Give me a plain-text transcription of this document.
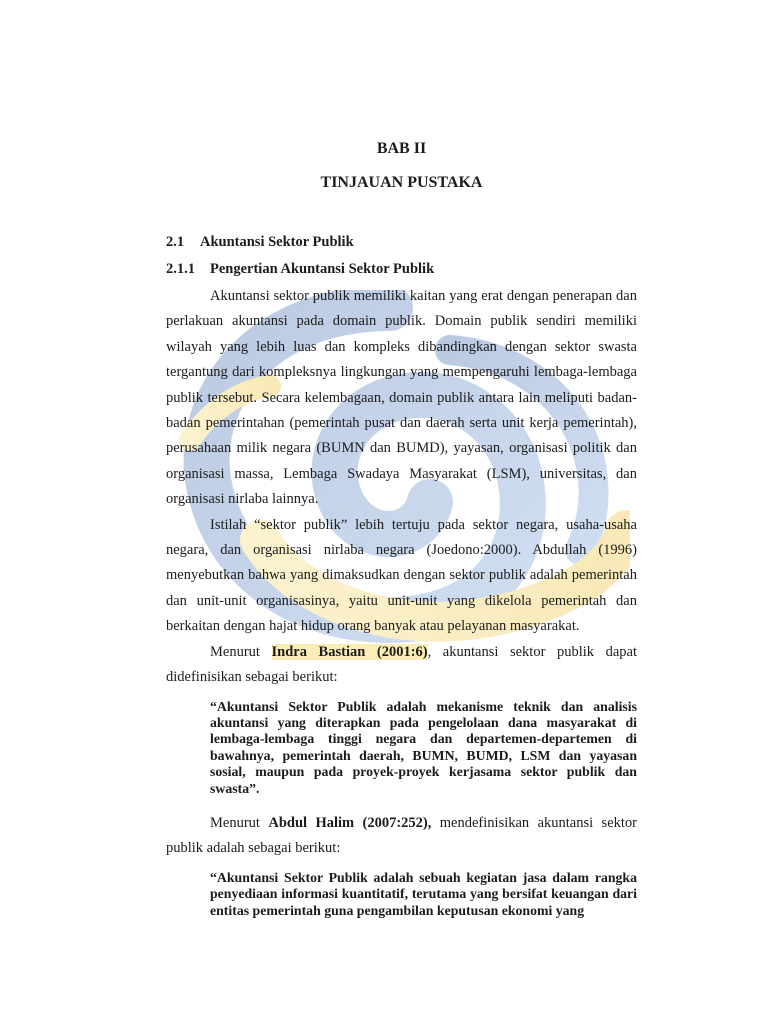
BAB II

TINJAUAN PUSTAKA

2.1	Akuntansi Sektor Publik
2.1.1	Pengertian Akuntansi Sektor Publik

Akuntansi sektor publik memiliki kaitan yang erat dengan penerapan dan perlakuan akuntansi pada domain publik. Domain publik sendiri memiliki wilayah yang lebih luas dan kompleks dibandingkan dengan sektor swasta tergantung dari kompleksnya lingkungan yang mempengaruhi lembaga-lembaga publik tersebut. Secara kelembagaan, domain publik antara lain meliputi badan-badan pemerintahan (pemerintah pusat dan daerah serta unit kerja pemerintah), perusahaan milik negara (BUMN dan BUMD), yayasan, organisasi politik dan organisasi massa, Lembaga Swadaya Masyarakat (LSM), universitas, dan organisasi nirlaba lainnya.

Istilah “sektor publik” lebih tertuju pada sektor negara, usaha-usaha negara, dan organisasi nirlaba negara (Joedono:2000). Abdullah (1996) menyebutkan bahwa yang dimaksudkan dengan sektor publik adalah pemerintah dan unit-unit organisasinya, yaitu unit-unit yang dikelola pemerintah dan berkaitan dengan hajat hidup orang banyak atau pelayanan masyarakat.

Menurut Indra Bastian (2001:6), akuntansi sektor publik dapat didefinisikan sebagai berikut:

“Akuntansi Sektor Publik adalah mekanisme teknik dan analisis akuntansi yang diterapkan pada pengelolaan dana masyarakat di lembaga-lembaga tinggi negara dan departemen-departemen di bawahnya, pemerintah daerah, BUMN, BUMD, LSM dan yayasan sosial, maupun pada proyek-proyek kerjasama sektor publik dan swasta”.

Menurut Abdul Halim (2007:252), mendefinisikan akuntansi sektor publik adalah sebagai berikut:

“Akuntansi Sektor Publik adalah sebuah kegiatan jasa dalam rangka penyediaan informasi kuantitatif, terutama yang bersifat keuangan dari entitas pemerintah guna pengambilan keputusan ekonomi yang
